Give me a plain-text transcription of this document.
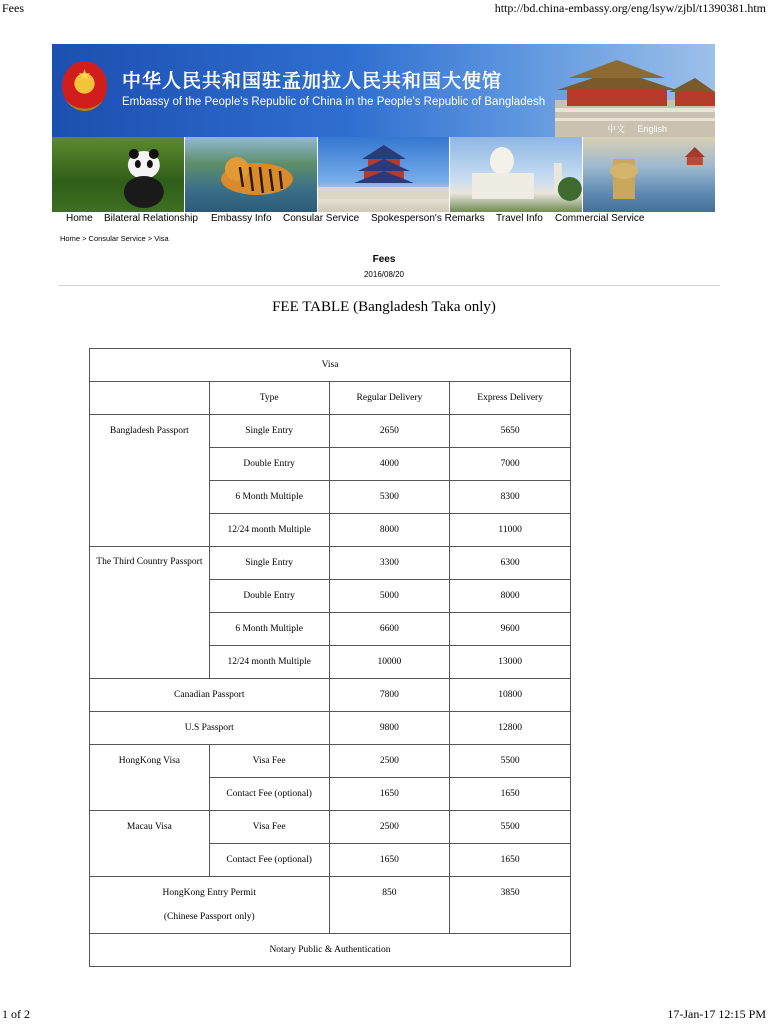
Fees	http://bd.china-embassy.org/eng/lsyw/zjbl/t1390381.htm
★	中华人民共和国驻孟加拉人民共和国大使馆
Embassy of the People's Republic of China in the People's Republic of Bangladesh
中文 English
Home Bilateral Relationship Embassy Info Consular Service Spokesperson's Remarks Travel Info Commercial Service
Home > Consular Service > Visa
Fees
2016/08/20
FEE TABLE (Bangladesh Taka only)
Visa			
	Type	Regular Delivery	Express Delivery
Bangladesh Passport	Single Entry	2650	5650
	Double Entry	4000	7000
	6 Month Multiple	5300	8300
	12/24 month Multiple	8000	11000
The Third Country Passport	Single Entry	3300	6300
	Double Entry	5000	8000
	6 Month Multiple	6600	9600
	12/24 month Multiple	10000	13000
Canadian Passport		7800	10800
U.S Passport		9800	12800
HongKong Visa	Visa Fee	2500	5500
	Contact Fee (optional)	1650	1650
Macau Visa	Visa Fee	2500	5500
	Contact Fee (optional)	1650	1650

HongKong Entry Permit
(Chinese Passport only)		850	3850
Notary Public & Authentication			
1 of 2	17-Jan-17 12:15 PM
